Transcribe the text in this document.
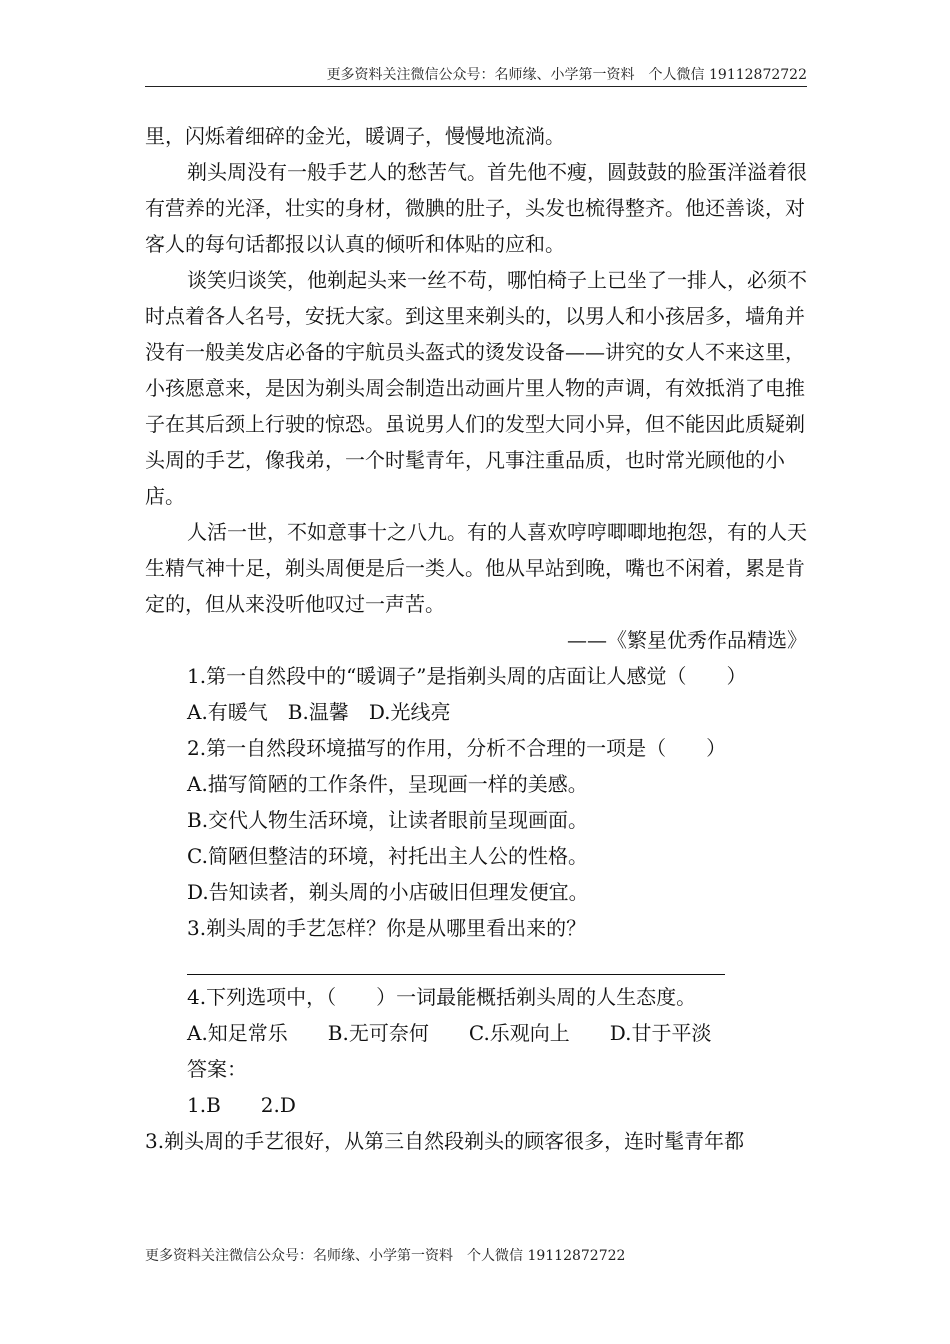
更多资料关注微信公众号：名师缘、小学第一资料　个人微信 19112872722

里，闪烁着细碎的金光，暖调子，慢慢地流淌。

剃头周没有一般手艺人的愁苦气。首先他不瘦，圆鼓鼓的脸蛋洋溢着很有营养的光泽，壮实的身材，微腆的肚子，头发也梳得整齐。他还善谈，对客人的每句话都报以认真的倾听和体贴的应和。

谈笑归谈笑，他剃起头来一丝不苟，哪怕椅子上已坐了一排人，必须不时点着各人名号，安抚大家。到这里来剃头的，以男人和小孩居多，墙角并没有一般美发店必备的宇航员头盔式的烫发设备——讲究的女人不来这里，小孩愿意来，是因为剃头周会制造出动画片里人物的声调，有效抵消了电推子在其后颈上行驶的惊恐。虽说男人们的发型大同小异，但不能因此质疑剃头周的手艺，像我弟，一个时髦青年，凡事注重品质，也时常光顾他的小店。

人活一世，不如意事十之八九。有的人喜欢哼哼唧唧地抱怨，有的人天生精气神十足，剃头周便是后一类人。他从早站到晚，嘴也不闲着，累是肯定的，但从来没听他叹过一声苦。

——《繁星优秀作品精选》

1.第一自然段中的“暖调子”是指剃头周的店面让人感觉（　　）

A.有暖气　B.温馨　D.光线亮

2.第一自然段环境描写的作用，分析不合理的一项是（　　）

A.描写简陋的工作条件，呈现画一样的美感。

B.交代人物生活环境，让读者眼前呈现画面。

C.简陋但整洁的环境，衬托出主人公的性格。

D.告知读者，剃头周的小店破旧但理发便宜。

3.剃头周的手艺怎样？你是从哪里看出来的？

4.下列选项中，（　　）一词最能概括剃头周的人生态度。

A.知足常乐　　B.无可奈何　　C.乐观向上　　D.甘于平淡

答案：

1.B　　2.D

3.剃头周的手艺很好，从第三自然段剃头的顾客很多，连时髦青年都

更多资料关注微信公众号：名师缘、小学第一资料　个人微信 19112872722
